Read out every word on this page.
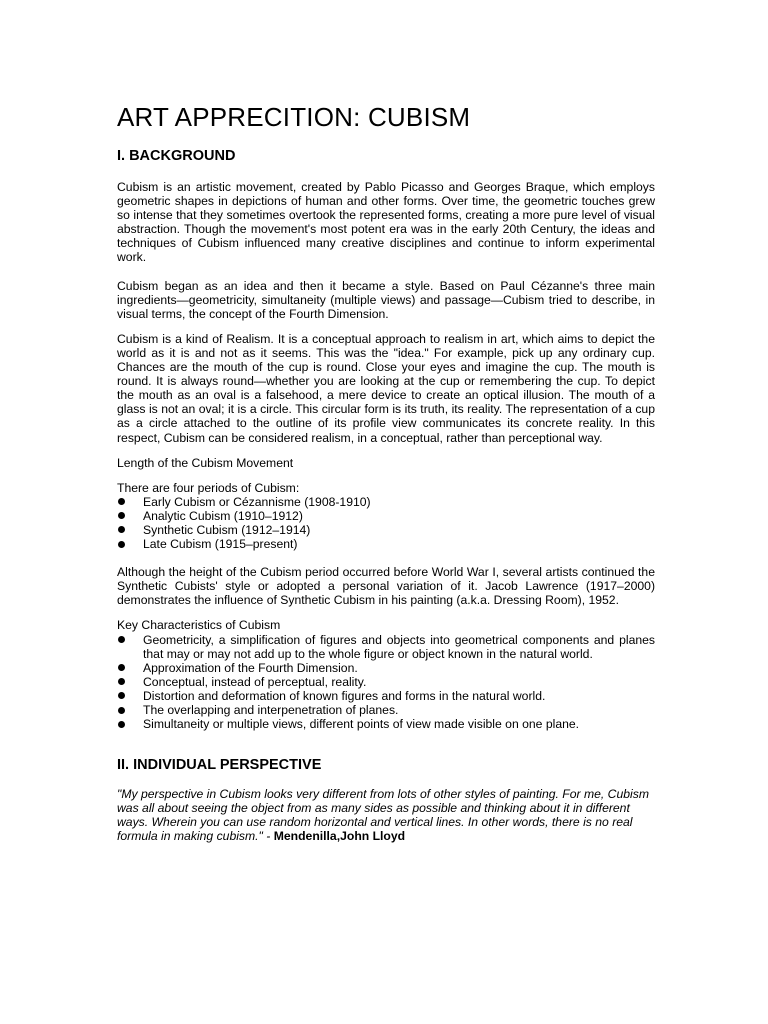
ART APPRECITION: CUBISM
I. BACKGROUND

Cubism is an artistic movement, created by Pablo Picasso and Georges Braque, which employs geometric shapes in depictions of human and other forms. Over time, the geometric touches grew so intense that they sometimes overtook the represented forms, creating a more pure level of visual abstraction. Though the movement's most potent era was in the early 20th Century, the ideas and techniques of Cubism influenced many creative disciplines and continue to inform experimental work.

Cubism began as an idea and then it became a style. Based on Paul Cézanne's three main ingredients—geometricity, simultaneity (multiple views) and passage—Cubism tried to describe, in visual terms, the concept of the Fourth Dimension.

Cubism is a kind of Realism. It is a conceptual approach to realism in art, which aims to depict the world as it is and not as it seems. This was the "idea." For example, pick up any ordinary cup. Chances are the mouth of the cup is round. Close your eyes and imagine the cup. The mouth is round. It is always round—whether you are looking at the cup or remembering the cup. To depict the mouth as an oval is a falsehood, a mere device to create an optical illusion. The mouth of a glass is not an oval; it is a circle. This circular form is its truth, its reality. The representation of a cup as a circle attached to the outline of its profile view communicates its concrete reality. In this respect, Cubism can be considered realism, in a conceptual, rather than perceptional way.

Length of the Cubism Movement

There are four periods of Cubism:

Early Cubism or Cézannisme (1908-1910)
Analytic Cubism (1910–1912)
Synthetic Cubism (1912–1914)
Late Cubism (1915–present)

Although the height of the Cubism period occurred before World War I, several artists continued the Synthetic Cubists' style or adopted a personal variation of it. Jacob Lawrence (1917–2000) demonstrates the influence of Synthetic Cubism in his painting (a.k.a. Dressing Room), 1952.

Key Characteristics of Cubism

Geometricity, a simplification of figures and objects into geometrical components and planes that may or may not add up to the whole figure or object known in the natural world.
Approximation of the Fourth Dimension.
Conceptual, instead of perceptual, reality.
Distortion and deformation of known figures and forms in the natural world.
The overlapping and interpenetration of planes.
Simultaneity or multiple views, different points of view made visible on one plane.
II. INDIVIDUAL PERSPECTIVE

"My perspective in Cubism looks very different from lots of other styles of painting. For me, Cubism was all about seeing the object from as many sides as possible and thinking about it in different ways. Wherein you can use random horizontal and vertical lines. In other words, there is no real formula in making cubism." - Mendenilla,John Lloyd
